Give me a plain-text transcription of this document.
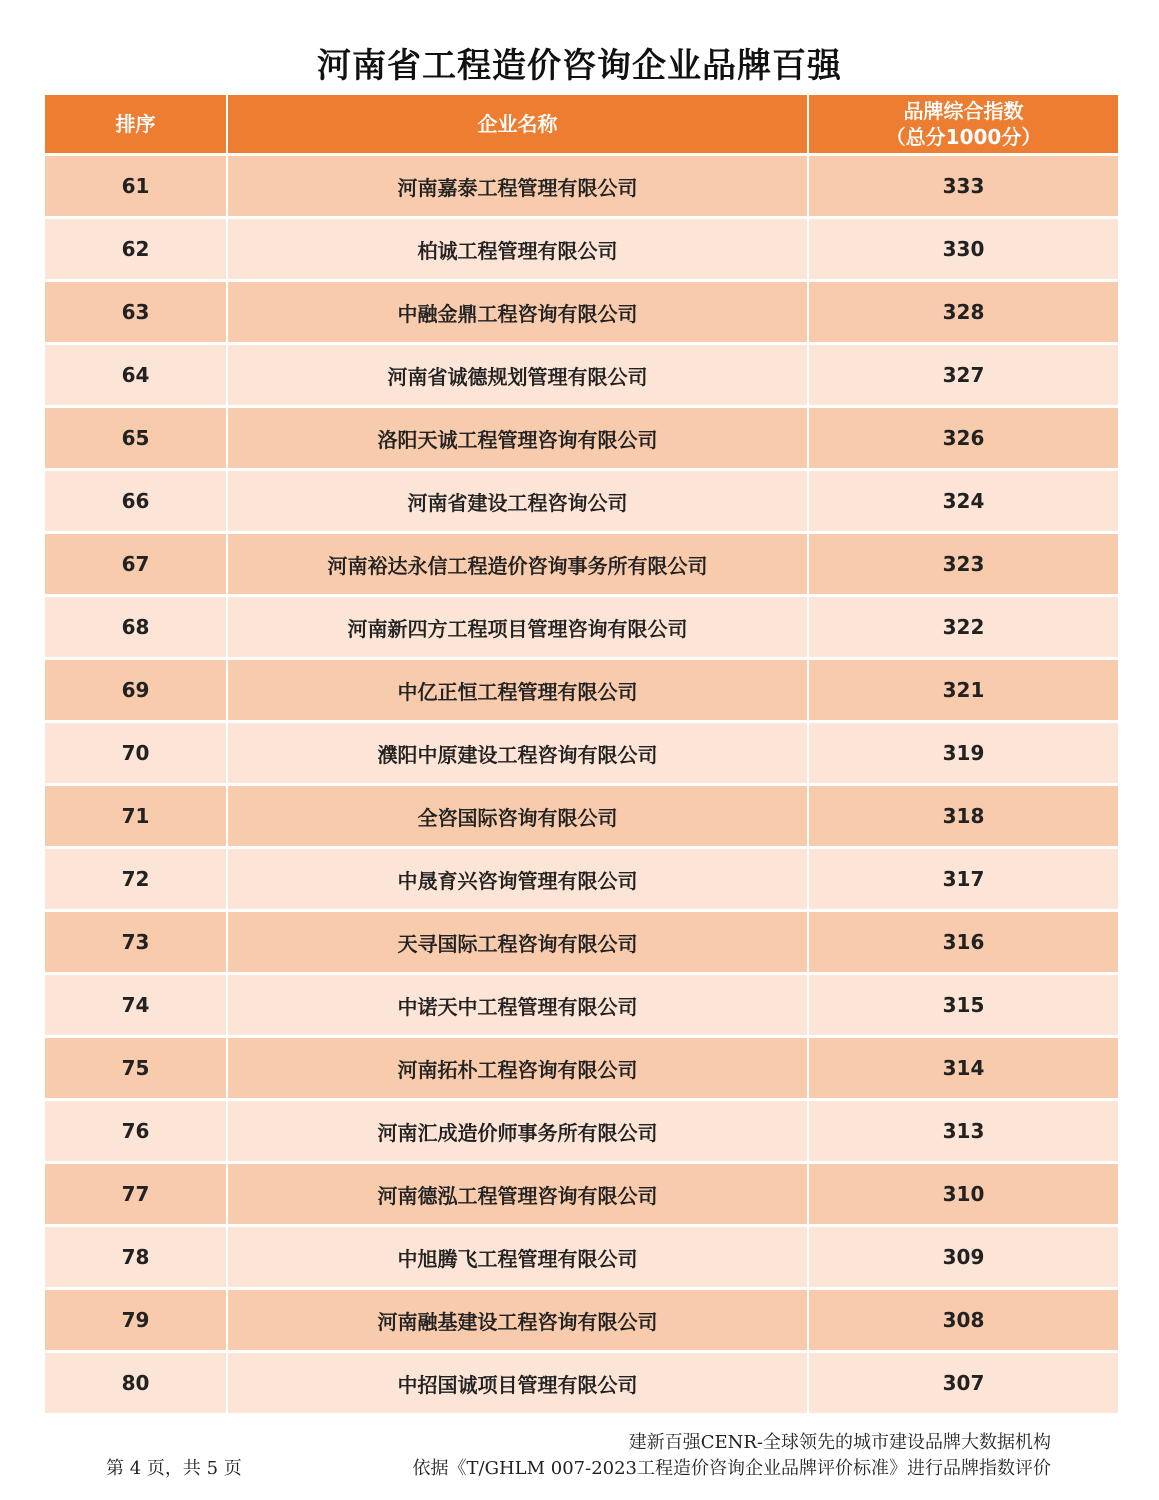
河南省工程造价咨询企业品牌百强
排序	企业名称	品牌综合指数
（总分1000分）

61	河南嘉泰工程管理有限公司	333
62	柏诚工程管理有限公司	330
63	中融金鼎工程咨询有限公司	328
64	河南省诚德规划管理有限公司	327
65	洛阳天诚工程管理咨询有限公司	326
66	河南省建设工程咨询公司	324
67	河南裕达永信工程造价咨询事务所有限公司	323
68	河南新四方工程项目管理咨询有限公司	322
69	中亿正恒工程管理有限公司	321
70	濮阳中原建设工程咨询有限公司	319
71	全咨国际咨询有限公司	318
72	中晟育兴咨询管理有限公司	317
73	天寻国际工程咨询有限公司	316
74	中诺天中工程管理有限公司	315
75	河南拓朴工程咨询有限公司	314
76	河南汇成造价师事务所有限公司	313
77	河南德泓工程管理咨询有限公司	310
78	中旭腾飞工程管理有限公司	309
79	河南融基建设工程咨询有限公司	308
80	中招国诚项目管理有限公司	307
建新百强CENR-全球领先的城市建设品牌大数据机构
第 4 页，共 5 页	依据《T/GHLM 007-2023工程造价咨询企业品牌评价标准》进行品牌指数评价
